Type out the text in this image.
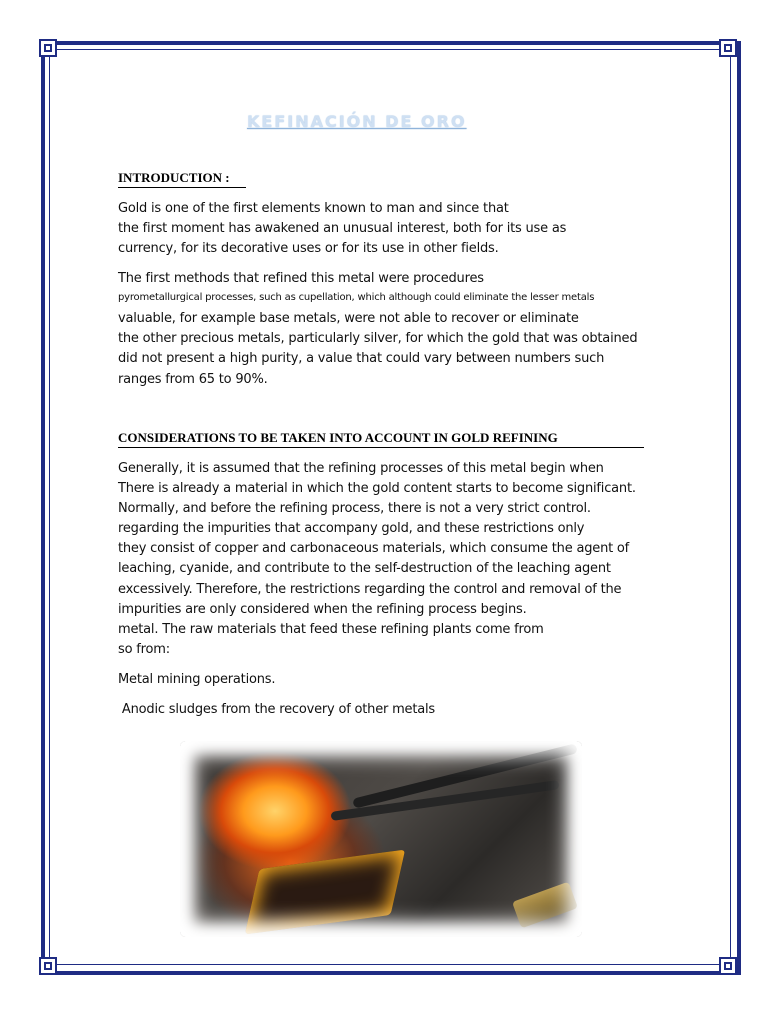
KEFINACIÓN DE ORO
INTRODUCTION :
Gold is one of the first elements known to man and since that
the first moment has awakened an unusual interest, both for its use as
currency, for its decorative uses or for its use in other fields.
The first methods that refined this metal were procedures
pyrometallurgical processes, such as cupellation, which although could eliminate the lesser metals
valuable, for example base metals, were not able to recover or eliminate
the other precious metals, particularly silver, for which the gold that was obtained
did not present a high purity, a value that could vary between numbers such
ranges from 65 to 90%.
CONSIDERATIONS TO BE TAKEN INTO ACCOUNT IN GOLD REFINING
Generally, it is assumed that the refining processes of this metal begin when
There is already a material in which the gold content starts to become significant.
Normally, and before the refining process, there is not a very strict control.
regarding the impurities that accompany gold, and these restrictions only
they consist of copper and carbonaceous materials, which consume the agent of
leaching, cyanide, and contribute to the self-destruction of the leaching agent
excessively. Therefore, the restrictions regarding the control and removal of the
impurities are only considered when the refining process begins.
metal. The raw materials that feed these refining plants come from
so from:
Metal mining operations.
Anodic sludges from the recovery of other metals
